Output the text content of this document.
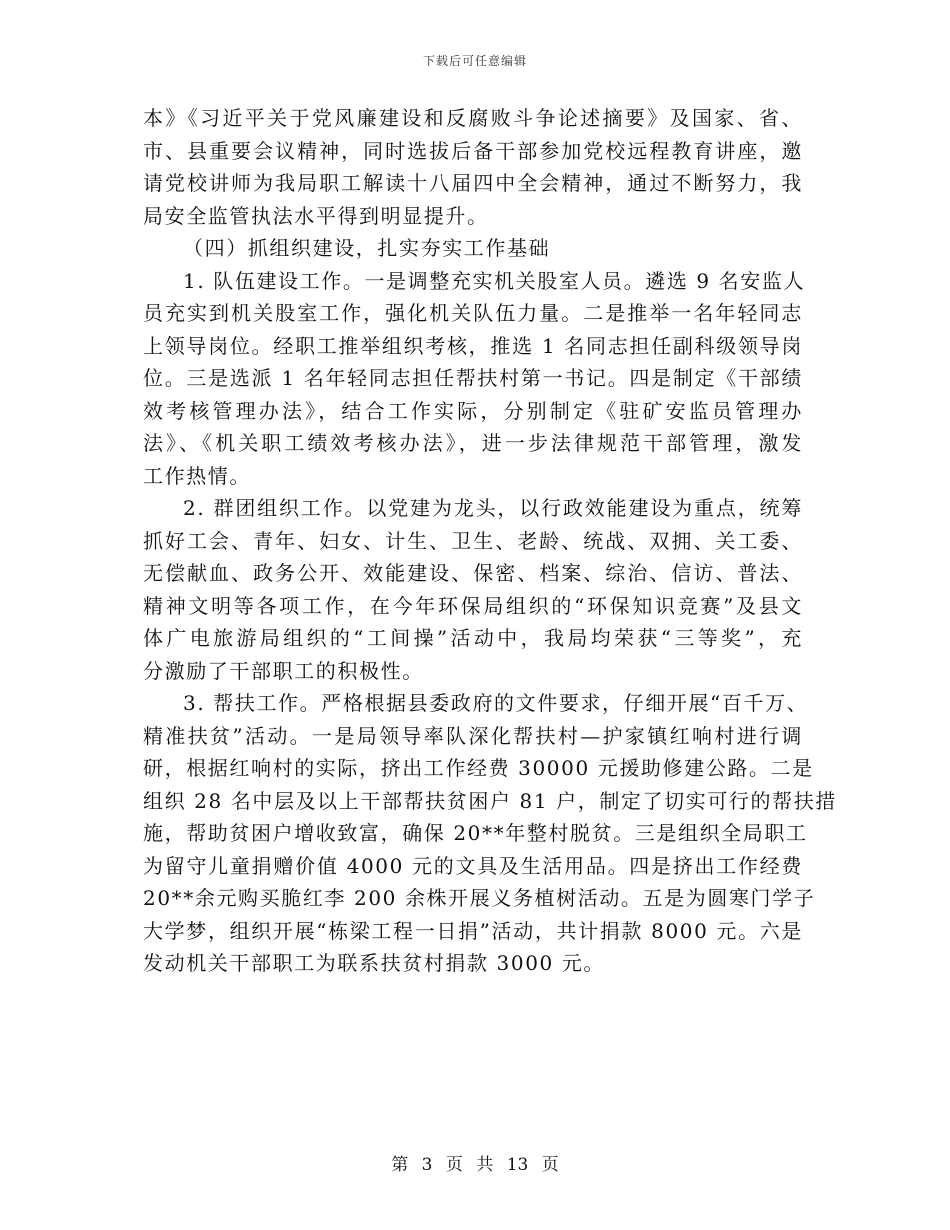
下载后可任意编辑
本》《习近平关于党风廉建设和反腐败斗争论述摘要》及国家、省、
市、县重要会议精神，同时选拔后备干部参加党校远程教育讲座，邀
请党校讲师为我局职工解读十八届四中全会精神，通过不断努力，我
局安全监管执法水平得到明显提升。
（四）抓组织建设，扎实夯实工作基础
1. 队伍建设工作。一是调整充实机关股室人员。遴选 9 名安监人
员充实到机关股室工作，强化机关队伍力量。二是推举一名年轻同志
上领导岗位。经职工推举组织考核，推选 1 名同志担任副科级领导岗
位。三是选派 1 名年轻同志担任帮扶村第一书记。四是制定《干部绩
效考核管理办法》，结合工作实际，分别制定《驻矿安监员管理办
法》、《机关职工绩效考核办法》，进一步法律规范干部管理，激发
工作热情。
2. 群团组织工作。以党建为龙头，以行政效能建设为重点，统筹
抓好工会、青年、妇女、计生、卫生、老龄、统战、双拥、关工委、
无偿献血、政务公开、效能建设、保密、档案、综治、信访、普法、
精神文明等各项工作，在今年环保局组织的“环保知识竞赛”及县文
体广电旅游局组织的“工间操”活动中，我局均荣获“三等奖”，充
分激励了干部职工的积极性。
3. 帮扶工作。严格根据县委政府的文件要求，仔细开展“百千万、
精准扶贫”活动。一是局领导率队深化帮扶村—护家镇红响村进行调
研，根据红响村的实际，挤出工作经费 30000 元援助修建公路。二是
组织 28 名中层及以上干部帮扶贫困户 81 户，制定了切实可行的帮扶措
施，帮助贫困户增收致富，确保 20**年整村脱贫。三是组织全局职工
为留守儿童捐赠价值 4000 元的文具及生活用品。四是挤出工作经费
20**余元购买脆红李 200 余株开展义务植树活动。五是为圆寒门学子
大学梦，组织开展“栋梁工程一日捐”活动，共计捐款 8000 元。六是
发动机关干部职工为联系扶贫村捐款 3000 元。
第 3 页 共 13 页
